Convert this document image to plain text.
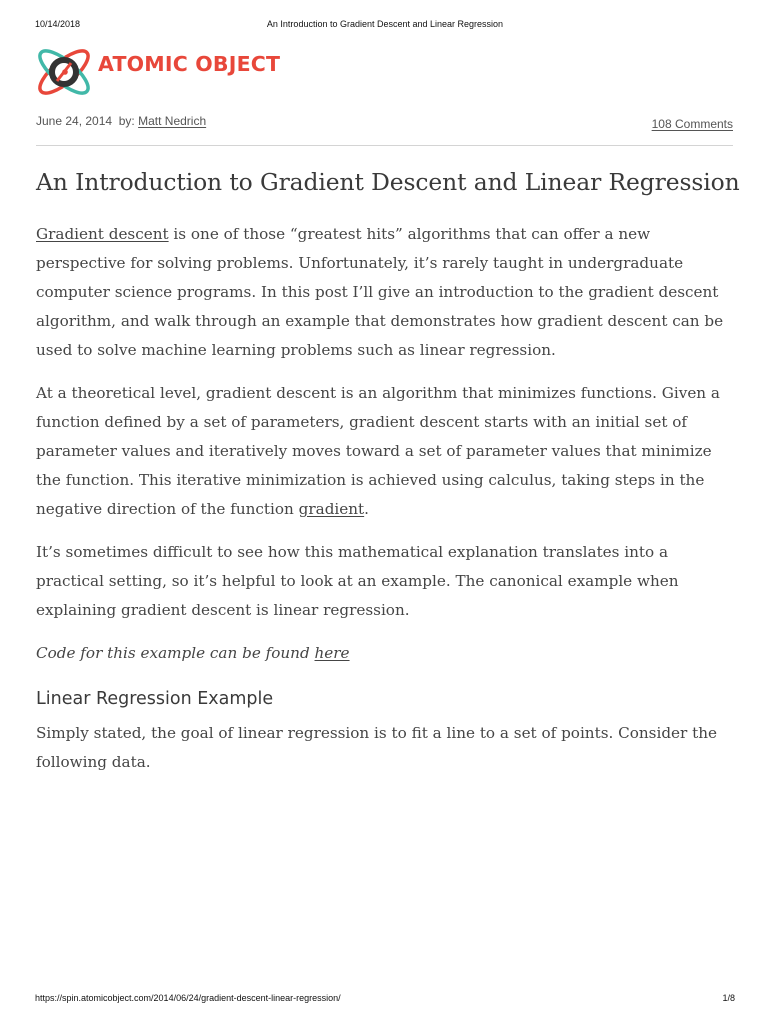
10/14/2018	An Introduction to Gradient Descent and Linear Regression
ATOMIC OBJECT
June 24, 2014 by: Matt Nedrich	108 Comments
An Introduction to Gradient Descent and Linear Regression

Gradient descent is one of those “greatest hits” algorithms that can offer a new perspective for solving problems. Unfortunately, it’s rarely taught in undergraduate computer science programs. In this post I’ll give an introduction to the gradient descent algorithm, and walk through an example that demonstrates how gradient descent can be used to solve machine learning problems such as linear regression.

At a theoretical level, gradient descent is an algorithm that minimizes functions. Given a function defined by a set of parameters, gradient descent starts with an initial set of parameter values and iteratively moves toward a set of parameter values that minimize the function. This iterative minimization is achieved using calculus, taking steps in the negative direction of the function gradient.

It’s sometimes difficult to see how this mathematical explanation translates into a practical setting, so it’s helpful to look at an example. The canonical example when explaining gradient descent is linear regression.

Code for this example can be found here

Linear Regression Example

Simply stated, the goal of linear regression is to fit a line to a set of points. Consider the following data.

https://spin.atomicobject.com/2014/06/24/gradient-descent-linear-regression/	1/8
